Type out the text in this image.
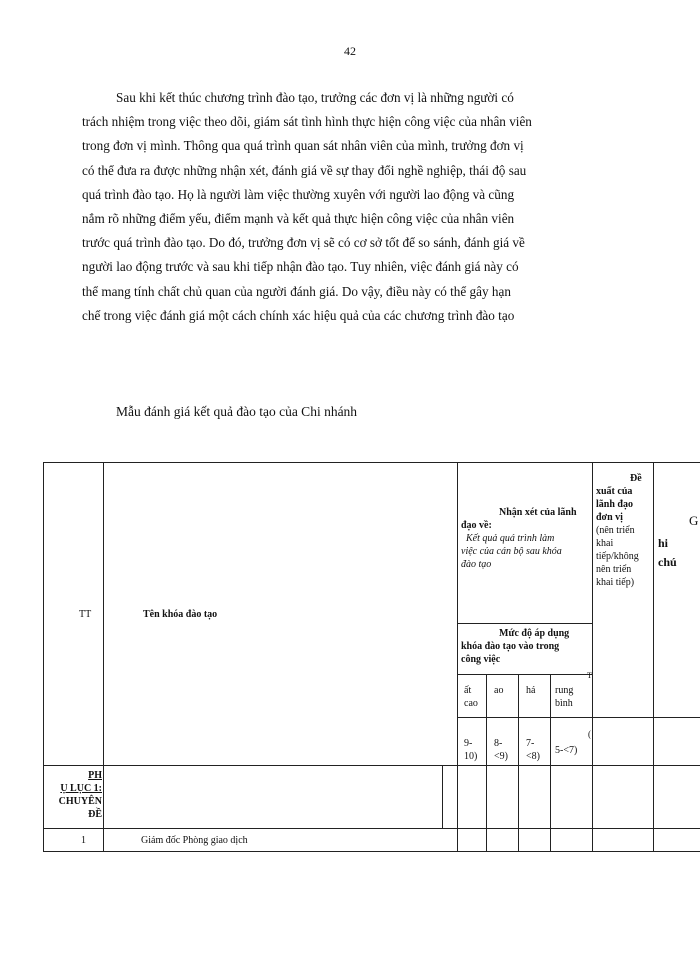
42
Sau khi kết thúc chương trình đào tạo, trưởng các đơn vị là những người có
trách nhiệm trong việc theo dõi, giám sát tình hình thực hiện công việc của nhân viên
trong đơn vị mình. Thông qua quá trình quan sát nhân viên của mình, trưởng đơn vị
có thể đưa ra được những nhận xét, đánh giá về sự thay đổi nghề nghiệp, thái độ sau
quá trình đào tạo. Họ là người làm việc thường xuyên với người lao động và cũng
nắm rõ những điểm yếu, điểm mạnh và kết quả thực hiện công việc của nhân viên
trước quá trình đào tạo. Do đó, trưởng đơn vị sẽ có cơ sở tốt để so sánh, đánh giá về
người lao động trước và sau khi tiếp nhận đào tạo. Tuy nhiên, việc đánh giá này có
thể mang tính chất chủ quan của người đánh giá. Do vậy, điều này có thể gây hạn
chế trong việc đánh giá một cách chính xác hiệu quả của các chương trình đào tạo
Mẫu đánh giá kết quả đào tạo của Chi nhánh
TT	Tên khóa đào tạo
Nhận xét của lãnh
đạo về:
Kết quả quá trình làm
việc của cán bộ sau khóa
đào tạo
Đề
xuất của
lãnh đạo
đơn vị
(nên triển
khai
tiếp/không
nên triển
khai tiếp)
G
hi
chú
Mức độ áp dụng
khóa đào tạo vào trong
công việc
T
ất
cao
ao há rung
bình
9-
10)
8-
<9)
7-
<8)
5-<7)
(
PH
Ụ LỤC 1:
CHUYÊN
ĐỀ
1	Giám đốc Phòng giao dịch
